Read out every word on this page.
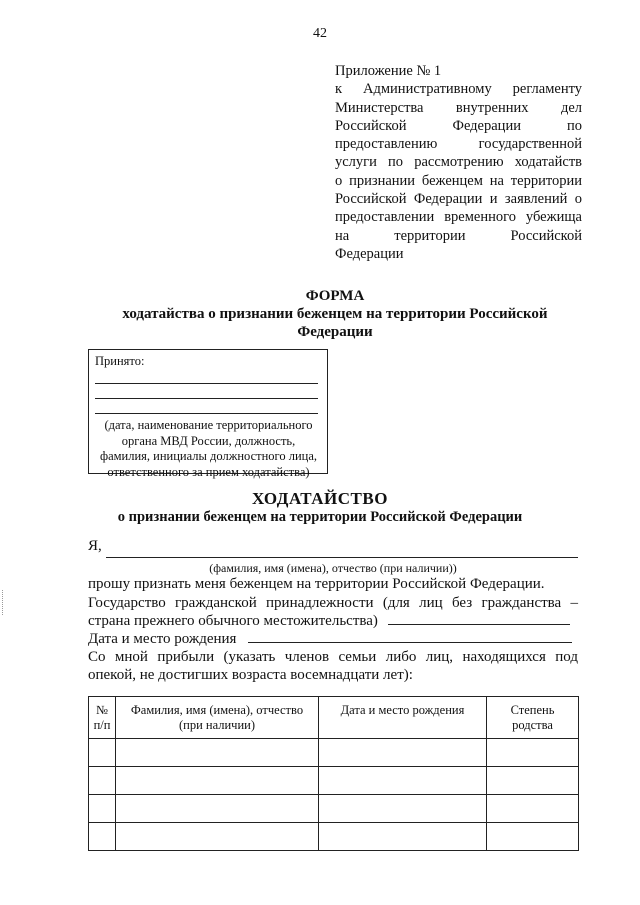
42
Приложение № 1
к Административному регламенту
Министерства внутренних дел
Российской Федерации по
предоставлению государственной
услуги по рассмотрению ходатайств
о признании беженцем на территории
Российской Федерации и заявлений о
предоставлении временного убежища
на территории Российской
Федерации
ФОРМА
ходатайства о признании беженцем на территории Российской
Федерации
Принято:
(дата, наименование территориального
органа МВД России, должность,
фамилия, инициалы должностного лица,
ответственного за прием ходатайства)
ХОДАТАЙСТВО
о признании беженцем на территории Российской Федерации
Я,
(фамилия, имя (имена), отчество (при наличии))
прошу признать меня беженцем на территории Российской Федерации.
Государство гражданской принадлежности (для лиц без гражданства –
страна прежнего обычного местожительства)
Дата и место рождения
Со мной прибыли (указать членов семьи либо лиц, находящихся под
опекой, не достигших возраста восемнадцати лет):
№ п/п	Фамилия, имя (имена), отчество (при наличии)	Дата и место рождения	Степень родства
